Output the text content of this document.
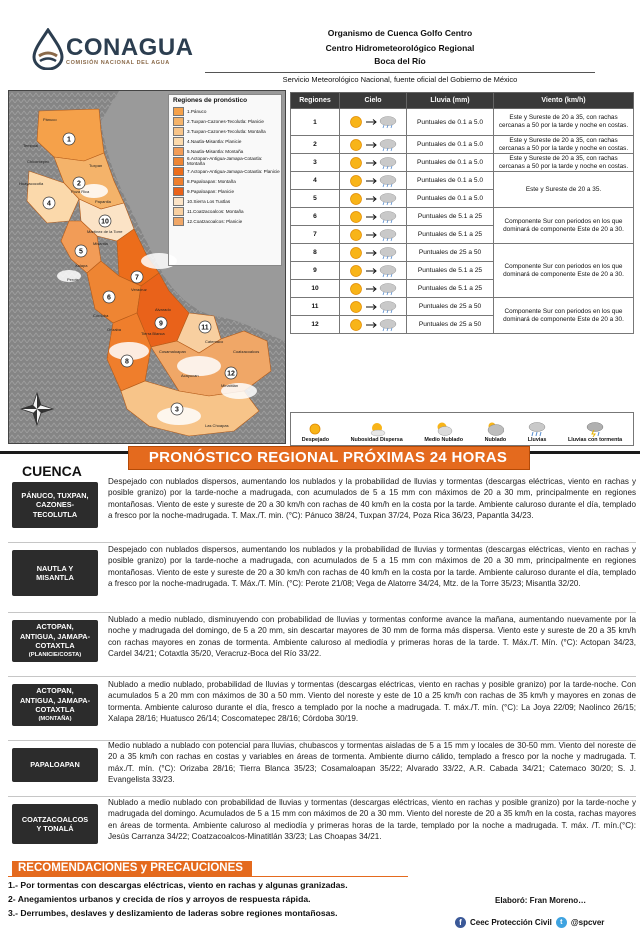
CONAGUA
COMISIÓN NACIONAL DEL AGUA
Organismo de Cuenca Golfo Centro
Centro Hidrometeorológico Regional
Boca del Río
Servicio Meteorológico Nacional, fuente oficial del Gobierno de México
1
2
4
10
5
6
7
8
9
11
3
12
Pánuco
Tuxpan
Poza Rica
Papantla
Martínez de la Torre
Xalapa
Veracruz
Córdoba
Orizaba
Tierra Blanca
Cosamaloapan
Catemaco
Coatzacoalcos
Minatitlán
Las Choapas
Tempoal
Huayacocotla
Misantla
Perote
Acayucan
Alvarado
Chicontepec
Regiones de pronóstico
1.Pánuco
2.Tuxpan-Cazones-Tecolutla: Planicie
3.Tuxpan-Cazones-Tecolutla: Montaña
4.Nautla-Misantla: Planicie
5.Nautla-Misantla: Montaña
6.Actopan-Antigua-Jamapa-Cotaxtla: Montaña
7.Actopan-Antigua-Jamapa-Cotaxtla: Planicie
8.Papaloapan: Montaña
9.Papaloapan: Planicie
10.Sierra Los Tuxtlas
11.Coatzacoalcos: Montaña
12.Coatzacoalcos: Planicie
Regiones	Cielo	Lluvia (mm)	Viento (km/h)
1		Puntuales de 0.1 a 5.0	Este y Sureste de 20 a 35, con rachas cercanas a 50 por la tarde y noche en costas.
2		Puntuales de 0.1 a 5.0	Este y Sureste de 20 a 35, con rachas cercanas a 50 por la tarde y noche en costas.
3		Puntuales de 0.1 a 5.0	Este y Sureste de 20 a 35, con rachas cercanas a 50 por la tarde y noche en costas.
4		Puntuales de 0.1 a 5.0	Este y Sureste de 20 a 35.
5		Puntuales de 0.1 a 5.0	
6		Puntuales de 5.1 a 25	Componente Sur con periodos en los que dominará de componente Este de 20 a 30.
7		Puntuales de 5.1 a 25	
8		Puntuales de 25 a 50	Componente Sur con periodos en los que dominará de componente Este de 20 a 30.
9		Puntuales de 5.1 a 25	
10		Puntuales de 5.1 a 25	
11		Puntuales de 25 a 50	Componente Sur con periodos en los que dominará de componente Este de 20 a 30.
12		Puntuales de 25 a 50	
Despejado	Nubosidad Dispersa	Medio Nublado	Nublado	Lluvias	Lluvias con tormenta
PRONÓSTICO REGIONAL PRÓXIMAS 24 HORAS
CUENCA
PÁNUCO, TUXPAN,
CAZONES-
TECOLUTLA
Despejado con nublados dispersos, aumentando los nublados y la probabilidad de lluvias y tormentas (descargas eléctricas, viento en rachas y posible granizo) por la tarde-noche a madrugada, con acumulados de 5 a 15 mm con máximos de 20 a 30 mm, principalmente en regiones montañosas. Viento de este y sureste de 20 a 30 km/h con rachas de 40 km/h en la costa por la tarde. Ambiente caluroso durante el día, templado a fresco por la noche-madrugada. T. Max./T. min. (°C): Pánuco 38/24, Tuxpan 37/24, Poza Rica 36/23, Papantla 34/23.
NAUTLA Y
MISANTLA
Despejado con nublados dispersos, aumentando los nublados y la probabilidad de lluvias y tormentas (descargas eléctricas, viento en rachas y posible granizo) por la tarde-noche a madrugada, con acumulados de 5 a 15 mm con máximos de 20 a 30 mm, principalmente en regiones montañosas. Viento de este y sureste de 20 a 30 km/h con rachas de 40 km/h en la costa por la tarde. Ambiente caluroso durante el día, templado a fresco por la noche-madrugada. T. Máx./T. Mín. (°C): Perote 21/08; Vega de Alatorre 34/24, Mtz. de la Torre 35/23; Misantla 32/20.
ACTOPAN,
ANTIGUA, JAMAPA-
COTAXTLA
(PLANICIE/COSTA)
Nublado a medio nublado, disminuyendo con probabilidad de lluvias y tormentas conforme avance la mañana, aumentando nuevamente por la noche y madrugada del domingo, de 5 a 20 mm, sin descartar mayores de 30 mm de forma más dispersa. Viento este y sureste de 20 a 35 km/h con rachas mayores en zonas de tormenta. Ambiente caluroso al mediodía y primeras horas de la tarde. T. Máx./T. Mín. (°C): Actopan 34/23, Cardel 34/21; Cotaxtla 35/20, Veracruz-Boca del Río 33/22.
ACTOPAN,
ANTIGUA, JAMAPA-
COTAXTLA
(MONTAÑA)
Nublado a medio nublado, probabilidad de lluvias y tormentas (descargas eléctricas, viento en rachas y posible granizo) por la tarde-noche. Con acumulados 5 a 20 mm con máximos de 30 a 50 mm. Viento del noreste y este de 10 a 25 km/h con rachas de 35 km/h y mayores en zonas de tormenta. Ambiente caluroso durante el día, fresco a templado por la noche a madrugada. T. máx./T. mín. (°C): La Joya 22/09; Naolinco 26/15; Xalapa 28/16; Huatusco 26/14; Coscomatepec 28/16; Córdoba 30/19.
PAPALOAPAN
Medio nublado a nublado con potencial para lluvias, chubascos y tormentas aisladas de 5 a 15 mm y locales de 30-50 mm. Viento del noreste de 20 a 35 km/h con rachas en costas y variables en áreas de tormenta. Ambiente diurno cálido, templado a fresco por la noche y madrugada. T. máx./T. mín. (°C): Orizaba 28/16; Tierra Blanca 35/23; Cosamaloapan 35/22; Alvarado 33/22, A.R. Cabada 34/21; Catemaco 30/20; S. J. Evangelista 33/23.
COATZACOALCOS
Y TONALÁ
Nublado a medio nublado con probabilidad de lluvias y tormentas (descargas eléctricas, viento en rachas y posible granizo) por la tarde-noche y madrugada del domingo. Acumulados de 5 a 15 mm con máximos de 20 a 30 mm. Viento del noreste de 20 a 35 km/h en la costa, rachas mayores en áreas de tormenta. Ambiente caluroso al mediodía y primeras horas de la tarde, templado por la noche a madrugada. T. máx. /T. mín.(°C): Jesús Carranza 34/22; Coatzacoalcos-Minatitlán 33/23; Las Choapas 34/21.
RECOMENDACIONES y PRECAUCIONES
1.- Por tormentas con descargas eléctricas, viento en rachas y algunas granizadas.
2- Anegamientos urbanos y crecida de ríos y arroyos de respuesta rápida.
3.- Derrumbes, deslaves y deslizamiento de laderas sobre regiones montañosas.
Elaboró: Fran Moreno…
f	Ceec Protección Civil	t	@spcver
